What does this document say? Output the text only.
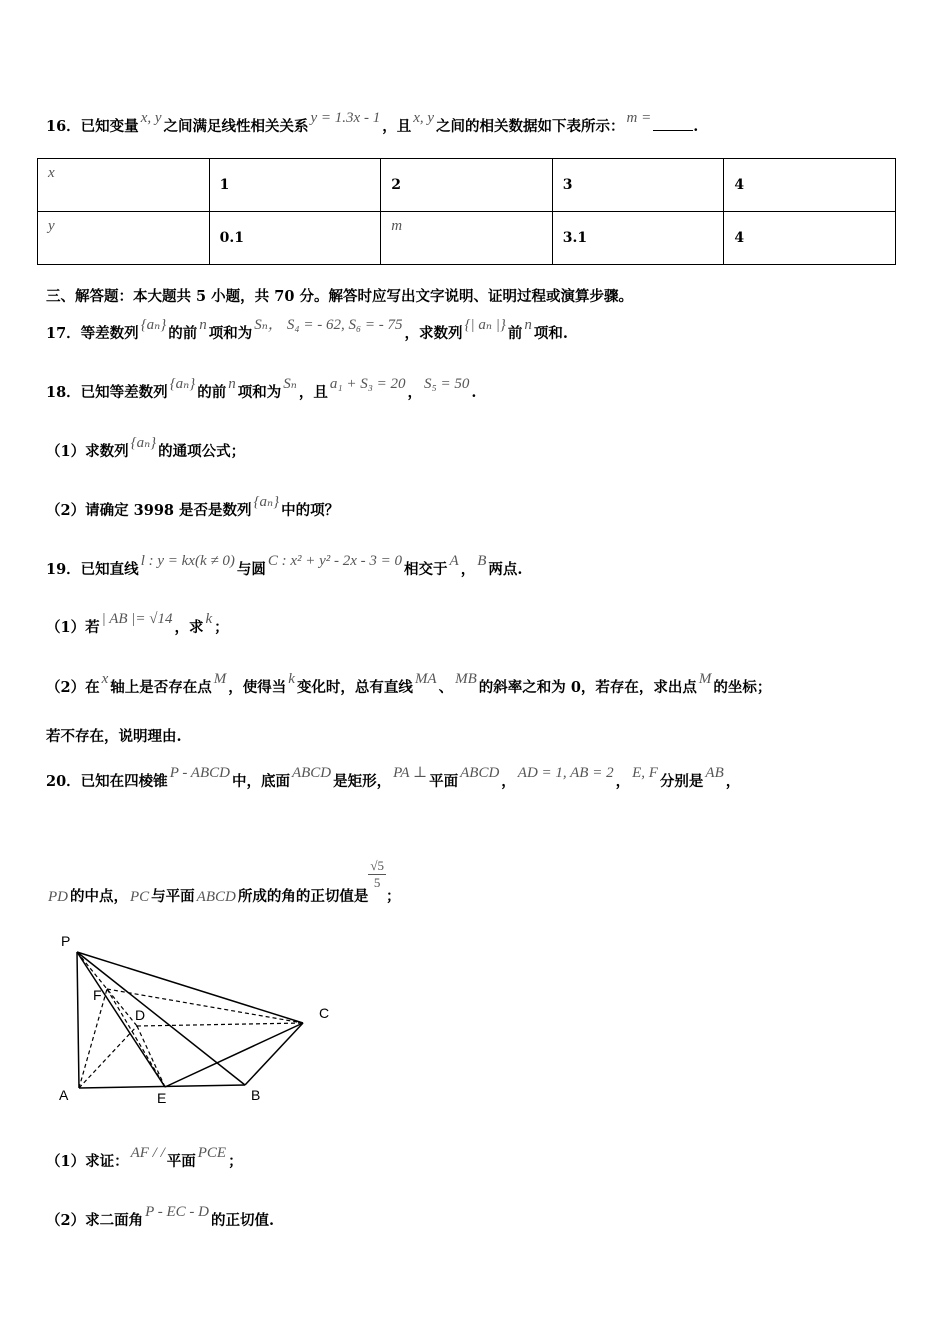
16．已知变量 x, y 之间满足线性相关关系 y = 1.3x - 1 ，且 x, y 之间的相关数据如下表所示： m =	.
x	1	2	3	4
y	0.1	m	3.1	4
三、解答题：本大题共 5 小题，共 70 分。解答时应写出文字说明、证明过程或演算步骤。
17．等差数列 {aₙ} 的前 n 项和为 Sₙ， S₄ = - 62, S₆ = - 75 ，求数列 {| aₙ |} 前 n 项和.
18．已知等差数列 {aₙ} 的前 n 项和为 Sₙ ，且 a₁ + S₃ = 20 ， S₅ = 50 .
（1）求数列 {aₙ} 的通项公式；
（2）请确定 3998 是否是数列 {aₙ} 中的项？
19．已知直线 l : y = kx(k ≠ 0) 与圆 C : x² + y² - 2x - 3 = 0 相交于 A ， B 两点.
（1）若 | AB |= √14 ，求 k ；
（2）在 x 轴上是否存在点 M ，使得当 k 变化时，总有直线 MA 、 MB 的斜率之和为 0，若存在，求出点 M 的坐标；
若不存在，说明理由.
20．已知在四棱锥 P - ABCD 中，底面 ABCD 是矩形， PA ⊥ 平面 ABCD ， AD = 1, AB = 2 ， E, F 分别是 AB ，
PD 的中点， PC 与平面 ABCD 所成的角的正切值是
$\frac{√5}{5}$
；
P
A	B
C
D
E
F
（1）求证： AF / / 平面 PCE ；
（2）求二面角 P - EC - D 的正切值.
